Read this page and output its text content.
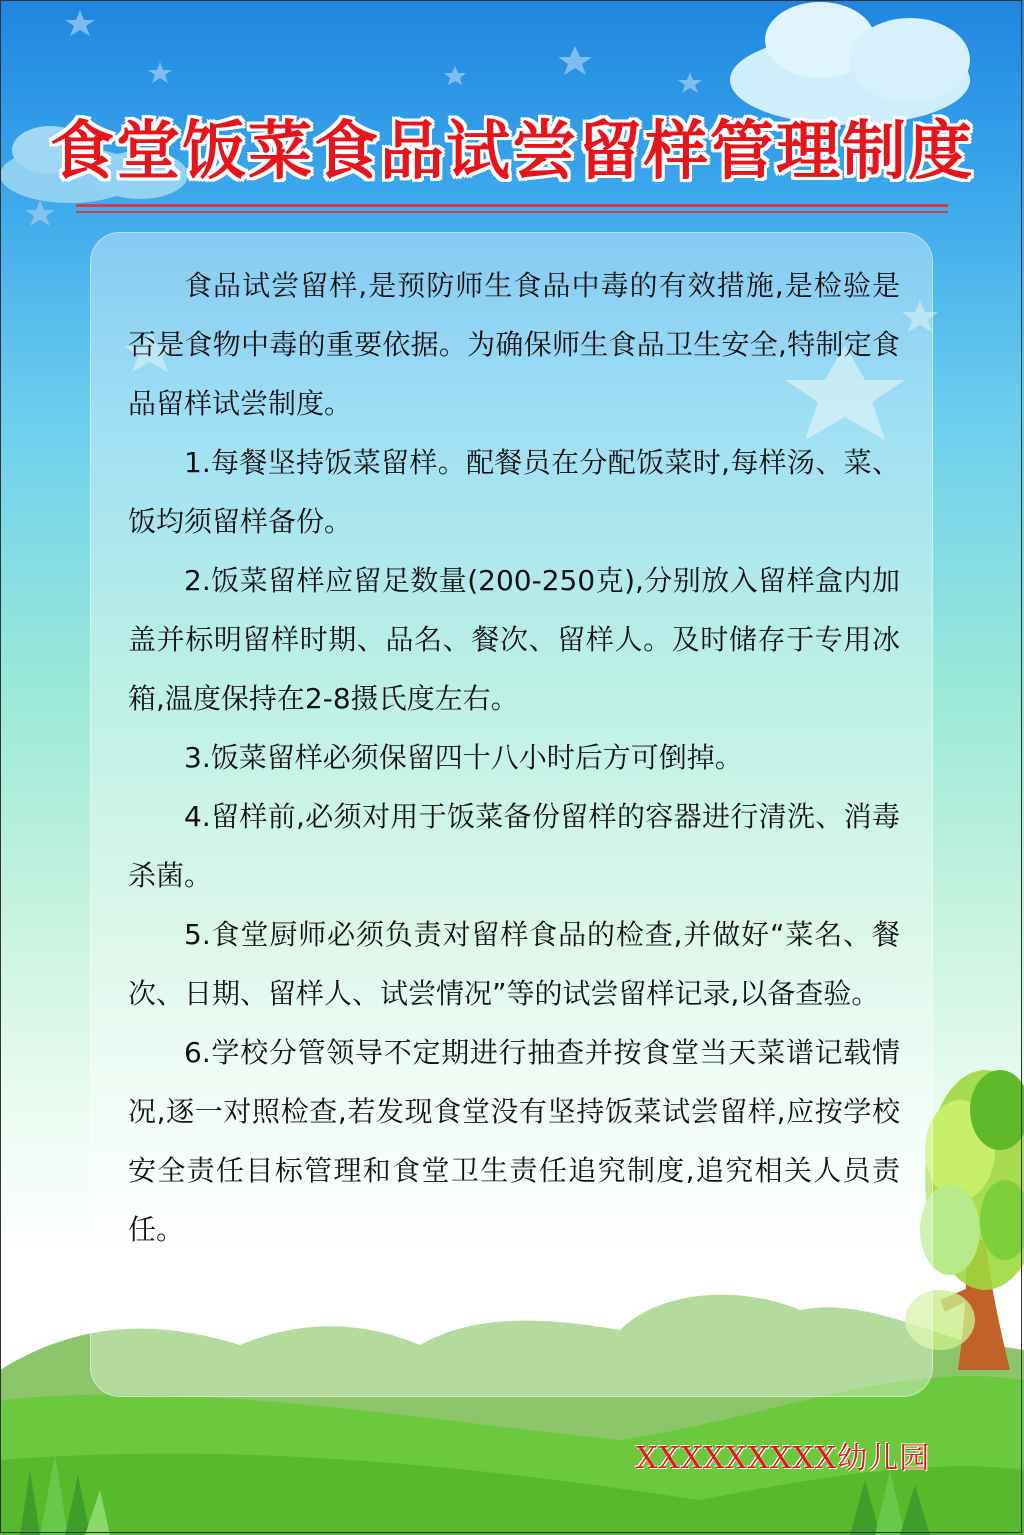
食堂饭菜食品试尝留样管理制度

食品试尝留样,是预防师生食品中毒的有效措施,是检验是否是食物中毒的重要依据。为确保师生食品卫生安全,特制定食品留样试尝制度。

1.每餐坚持饭菜留样。配餐员在分配饭菜时,每样汤、菜、饭均须留样备份。

2.饭菜留样应留足数量(200-250克),分别放入留样盒内加盖并标明留样时期、品名、餐次、留样人。及时储存于专用冰箱,温度保持在2-8摄氏度左右。

3.饭菜留样必须保留四十八小时后方可倒掉。

4.留样前,必须对用于饭菜备份留样的容器进行清洗、消毒杀菌。

5.食堂厨师必须负责对留样食品的检查,并做好“菜名、餐次、日期、留样人、试尝情况”等的试尝留样记录,以备查验。

6.学校分管领导不定期进行抽查并按食堂当天菜谱记载情况,逐一对照检查,若发现食堂没有坚持饭菜试尝留样,应按学校安全责任目标管理和食堂卫生责任追究制度,追究相关人员责任。

XXXXXXXXX幼儿园
